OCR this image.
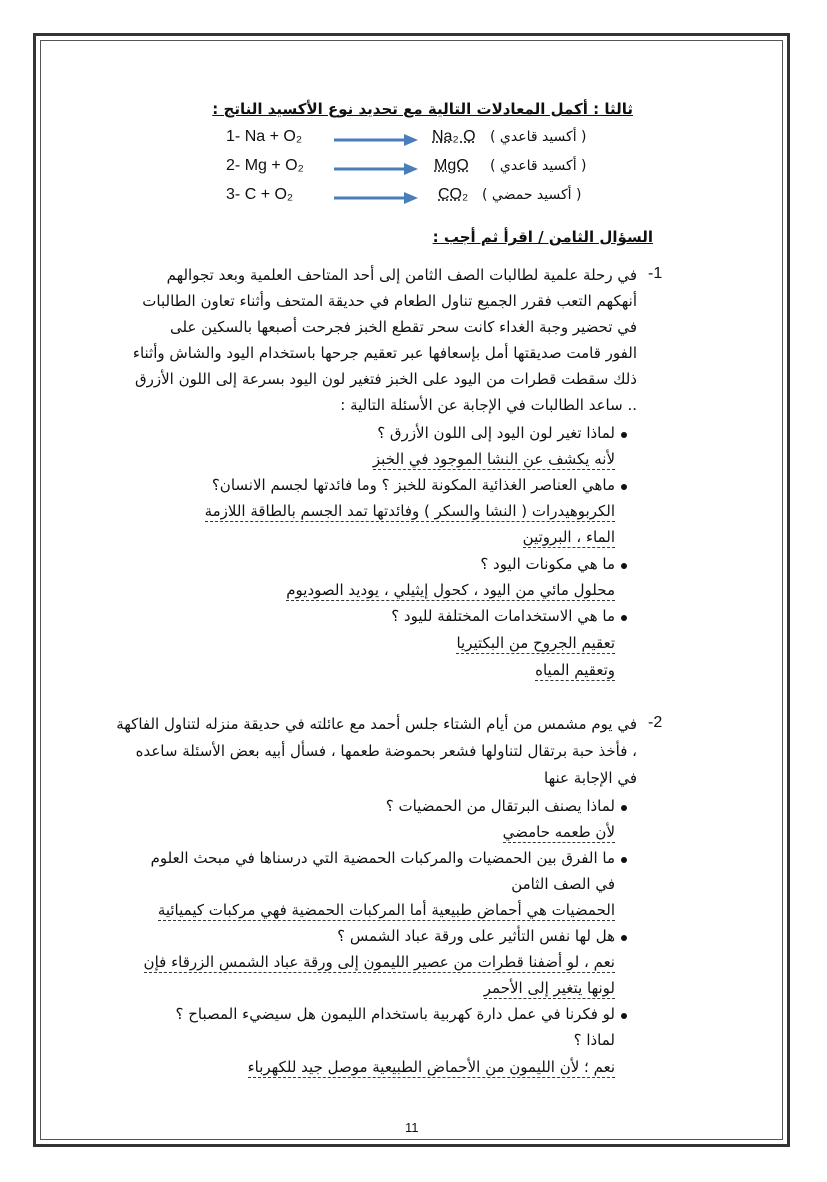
ثالثا : أكمل المعادلات التالية مع تحديد نوع الأكسيد الناتج :
1- Na + O₂	Na₂ O ( أكسيد قاعدي )
2- Mg + O₂	MgO ( أكسيد قاعدي )
3- C + O₂	CO₂ ( أكسيد حمضي )
السؤال الثامن / اقرأ ثم أجب :
-1
في رحلة علمية لطالبات الصف الثامن إلى أحد المتاحف العلمية وبعد تجوالهم
أنهكهم التعب فقرر الجميع تناول الطعام في حديقة المتحف وأثناء تعاون الطالبات
في تحضير وجبة الغداء كانت سحر تقطع الخبز فجرحت أصبعها بالسكين على
الفور قامت صديقتها أمل بإسعافها عبر تعقيم جرحها باستخدام اليود والشاش وأثناء
ذلك سقطت قطرات من اليود على الخبز فتغير لون اليود بسرعة إلى اللون الأزرق
.. ساعد الطالبات في الإجابة عن الأسئلة التالية :
لماذا تغير لون اليود إلى اللون الأزرق ؟
لأنه يكشف عن النشا الموجود في الخبز
ماهي العناصر الغذائية المكونة للخبز ؟ وما فائدتها لجسم الانسان؟
الكربوهيدرات ( النشا والسكر ) وفائدتها تمد الجسم بالطاقة اللازمة
الماء ، البروتين
ما هي مكونات اليود ؟
محلول مائي من اليود ، كحول إيثيلي ، يوديد الصوديوم
ما هي الاستخدامات المختلفة لليود ؟
تعقيم الجروح من البكتيريا
وتعقيم المياه
-2
في يوم مشمس من أيام الشتاء جلس أحمد مع عائلته في حديقة منزله لتناول الفاكهة
، فأخذ حبة برتقال لتناولها فشعر بحموضة طعمها ، فسأل أبيه بعض الأسئلة ساعده
في الإجابة عنها
لماذا يصنف البرتقال من الحمضيات ؟
لأن طعمه حامضي
ما الفرق بين الحمضيات والمركبات الحمضية التي درسناها في مبحث العلوم
في الصف الثامن
الحمضيات هي أحماض طبيعية أما المركبات الحمضية فهي مركبات كيميائية
هل لها نفس التأثير على ورقة عباد الشمس ؟
نعم ، لو أضفنا قطرات من عصير الليمون إلى ورقة عباد الشمس الزرقاء فإن
لونها يتغير إلى الأحمر
لو فكرنا في عمل دارة كهربية باستخدام الليمون هل سيضيء المصباح ؟
لماذا ؟
نعم ؛ لأن الليمون من الأحماض الطبيعية موصل جيد للكهرباء
11
